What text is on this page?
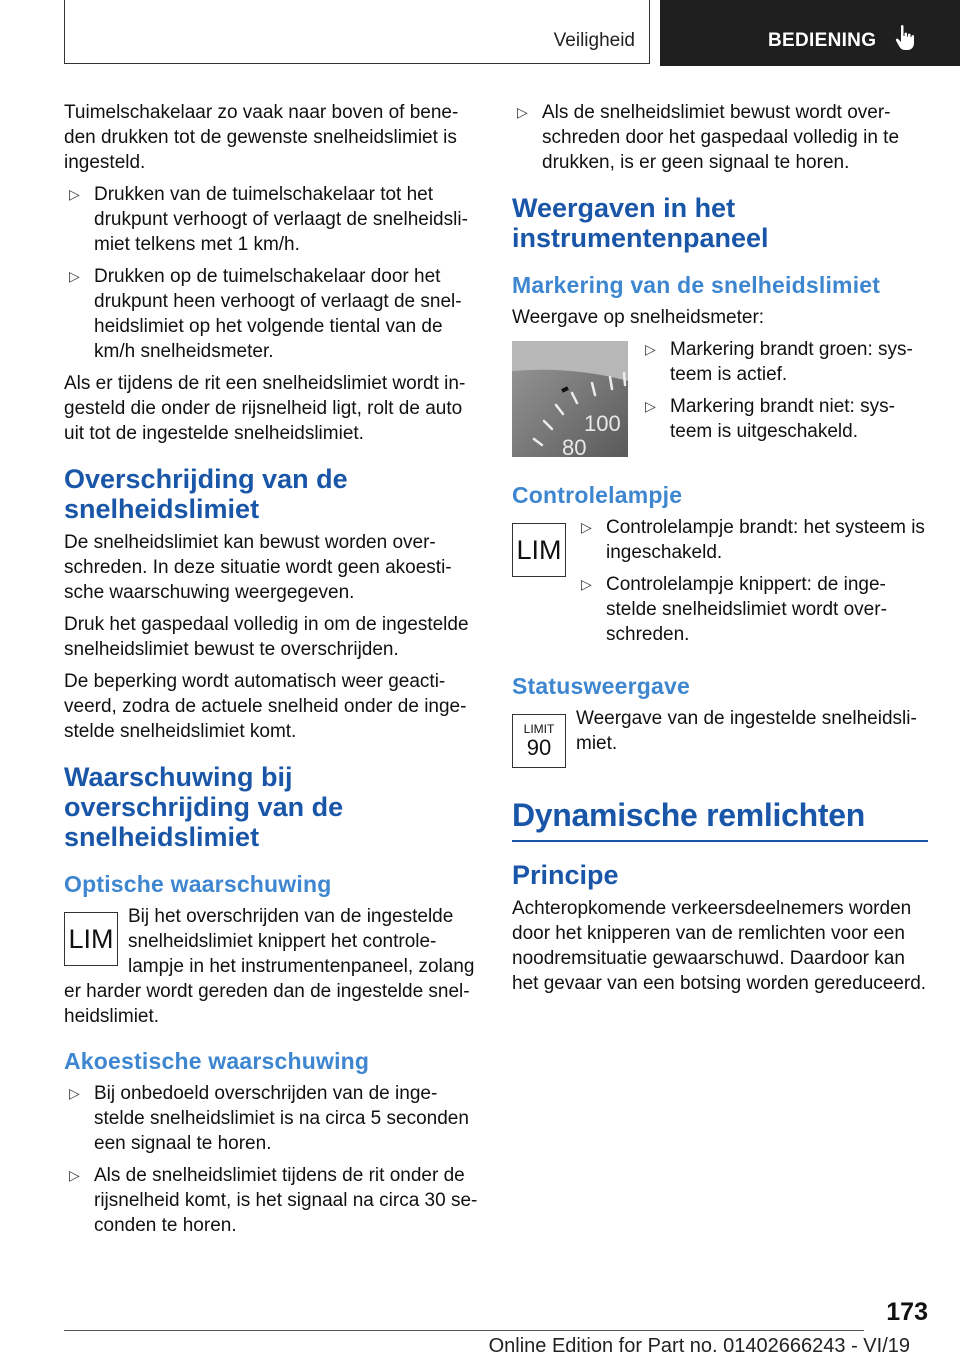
Veiligheid	BEDIENING

Tuimelschakelaar zo vaak naar boven of bene-den drukken tot de gewenste snelheidslimiet is ingesteld.

▷ Drukken van de tuimelschakelaar tot het drukpunt verhoogt of verlaagt de snelheidsli-miet telkens met 1 km/h.
▷ Drukken op de tuimelschakelaar door het drukpunt heen verhoogt of verlaagt de snel-heidslimiet op het volgende tiental van de km/h snelheidsmeter.

Als er tijdens de rit een snelheidslimiet wordt in-gesteld die onder de rijsnelheid ligt, rolt de auto uit tot de ingestelde snelheidslimiet.

Overschrijding van de snelheidslimiet

De snelheidslimiet kan bewust worden over-schreden. In deze situatie wordt geen akoesti-sche waarschuwing weergegeven.

Druk het gaspedaal volledig in om de ingestelde snelheidslimiet bewust te overschrijden.

De beperking wordt automatisch weer geacti-veerd, zodra de actuele snelheid onder de inge-stelde snelheidslimiet komt.

Waarschuwing bij overschrijding van de snelheidslimiet
Optische waarschuwing
LIM
Bij het overschrijden van de ingestelde snelheidslimiet knippert het controle-lampje in het instrumentenpaneel, zolang er harder wordt gereden dan de ingestelde snel-heidslimiet.
Akoestische waarschuwing
▷ Bij onbedoeld overschrijden van de inge-stelde snelheidslimiet is na circa 5 seconden een signaal te horen.
▷ Als de snelheidslimiet tijdens de rit onder de rijsnelheid komt, is het signaal na circa 30 se-conden te horen.
▷ Als de snelheidslimiet bewust wordt over-schreden door het gaspedaal volledig in te drukken, is er geen signaal te horen.
Weergaven in het instrumentenpaneel
Markering van de snelheidslimiet

Weergave op snelheidsmeter:

100
80
▷ Markering brandt groen: sys-teem is actief.
▷ Markering brandt niet: sys-teem is uitgeschakeld.
Controlelampje
LIM
▷ Controlelampje brandt: het systeem is ingeschakeld.
▷ Controlelampje knippert: de inge-stelde snelheidslimiet wordt over-schreden.
Statusweergave
LIMIT
90
Weergave van de ingestelde snelheidsli-miet.
Dynamische remlichten
Principe

Achteropkomende verkeersdeelnemers worden door het knipperen van de remlichten voor een noodremsituatie gewaarschuwd. Daardoor kan het gevaar van een botsing worden gereduceerd.

173
Online Edition for Part no. 01402666243 - VI/19
